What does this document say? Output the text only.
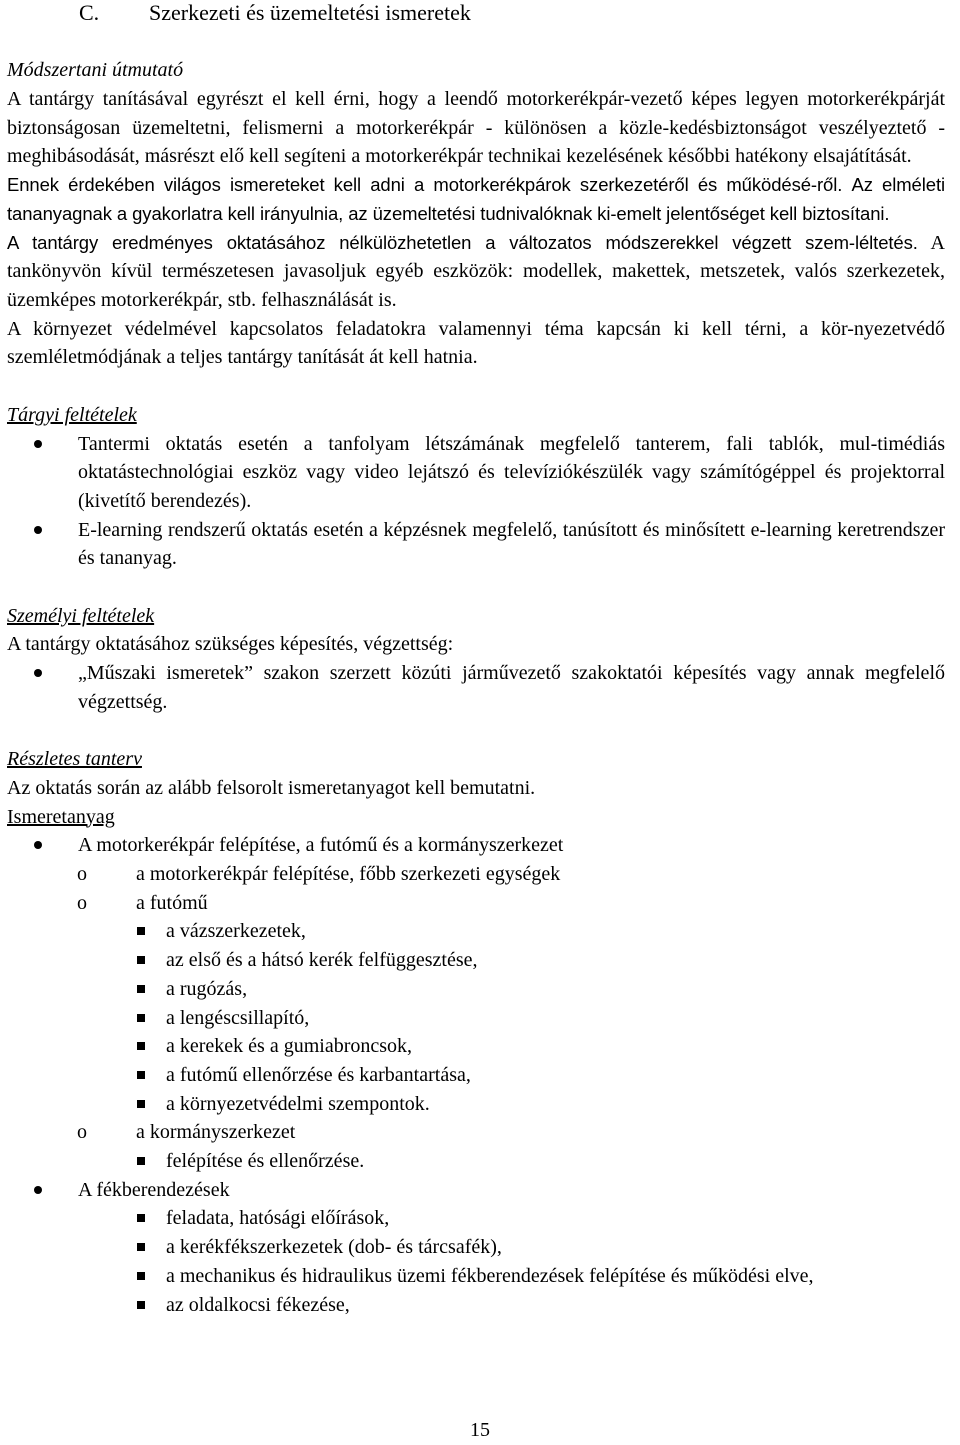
C.	Szerkezeti és üzemeltetési ismeretek

Módszertani útmutató

A tantárgy tanításával egyrészt el kell érni, hogy a leendő motorkerékpár-vezető képes legyen motorkerékpárját biztonságosan üzemeltetni, felismerni a motorkerékpár - különösen a közle-kedésbiztonságot veszélyeztető - meghibásodását, másrészt elő kell segíteni a motorkerékpár technikai kezelésének későbbi hatékony elsajátítását.

Ennek érdekében világos ismereteket kell adni a motorkerékpárok szerkezetéről és működésé-ről. Az elméleti tananyagnak a gyakorlatra kell irányulnia, az üzemeltetési tudnivalóknak ki-emelt jelentőséget kell biztosítani.

A tantárgy eredményes oktatásához nélkülözhetetlen a változatos módszerekkel végzett szem-léltetés. A tankönyvön kívül természetesen javasoljuk egyéb eszközök: modellek, makettek, metszetek, valós szerkezetek, üzemképes motorkerékpár, stb. felhasználását is.

A környezet védelmével kapcsolatos feladatokra valamennyi téma kapcsán ki kell térni, a kör-nyezetvédő szemléletmódjának a teljes tantárgy tanítását át kell hatnia.

Tárgyi feltételek

Tantermi oktatás esetén a tanfolyam létszámának megfelelő tanterem, fali tablók, mul-timédiás oktatástechnológiai eszköz vagy video lejátszó és televíziókészülék vagy számítógéppel és projektorral (kivetítő berendezés).
E-learning rendszerű oktatás esetén a képzésnek megfelelő, tanúsított és minősített e-learning keretrendszer és tananyag.

Személyi feltételek

A tantárgy oktatásához szükséges képesítés, végzettség:

„Műszaki ismeretek” szakon szerzett közúti járművezető szakoktatói képesítés vagy annak megfelelő végzettség.

Részletes tanterv

Az oktatás során az alább felsorolt ismeretanyagot kell bemutatni.

Ismeretanyag

A motorkerékpár felépítése, a futómű és a kormányszerkezet
o a motorkerékpár felépítése, főbb szerkezeti egységek
o a futómű
a vázszerkezetek,
az első és a hátsó kerék felfüggesztése,
a rugózás,
a lengéscsillapító,
a kerekek és a gumiabroncsok,
a futómű ellenőrzése és karbantartása,
a környezetvédelmi szempontok.
o a kormányszerkezet
felépítése és ellenőrzése.
A fékberendezések
feladata, hatósági előírások,
a kerékfékszerkezetek (dob- és tárcsafék),
a mechanikus és hidraulikus üzemi fékberendezések felépítése és működési elve,
az oldalkocsi fékezése,
15
